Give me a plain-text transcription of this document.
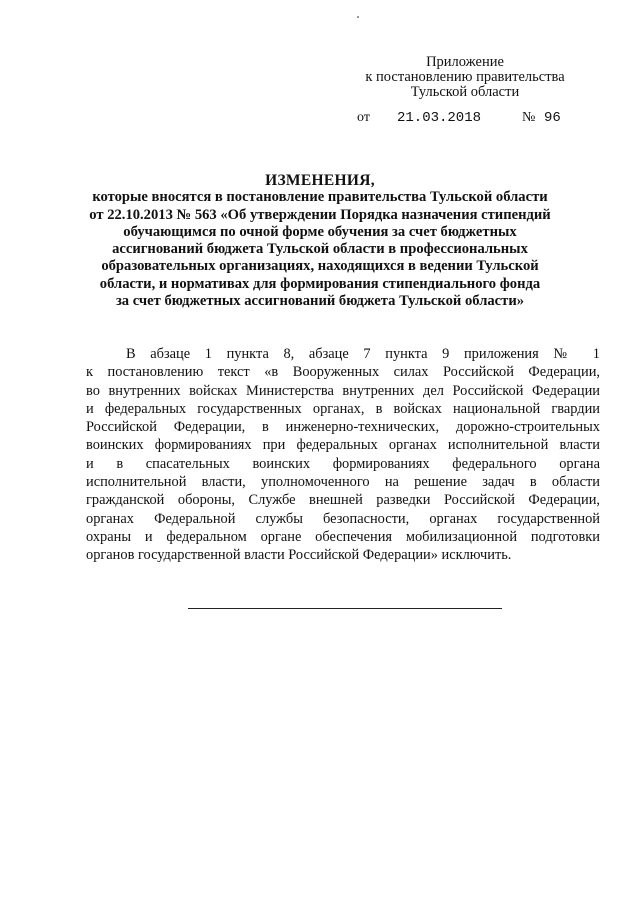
Приложение
к постановлению правительства
Тульской области
от 21.03.2018	№ 96
ИЗМЕНЕНИЯ,
которые вносятся в постановление правительства Тульской области
от 22.10.2013 № 563 «Об утверждении Порядка назначения стипендий
обучающимся по очной форме обучения за счет бюджетных
ассигнований бюджета Тульской области в профессиональных
образовательных организациях, находящихся в ведении Тульской
области, и нормативах для формирования стипендиального фонда
за счет бюджетных ассигнований бюджета Тульской области»
В абзаце 1 пункта 8, абзаце 7 пункта 9 приложения № 1
к постановлению текст «в Вооруженных силах Российской Федерации,
во внутренних войсках Министерства внутренних дел Российской Федерации
и федеральных государственных органах, в войсках национальной гвардии
Российской Федерации, в инженерно-технических, дорожно-строительных
воинских формированиях при федеральных органах исполнительной власти
и в спасательных воинских формированиях федерального органа
исполнительной власти, уполномоченного на решение задач в области
гражданской обороны, Службе внешней разведки Российской Федерации,
органах Федеральной службы безопасности, органах государственной
охраны и федеральном органе обеспечения мобилизационной подготовки
органов государственной власти Российской Федерации» исключить.
